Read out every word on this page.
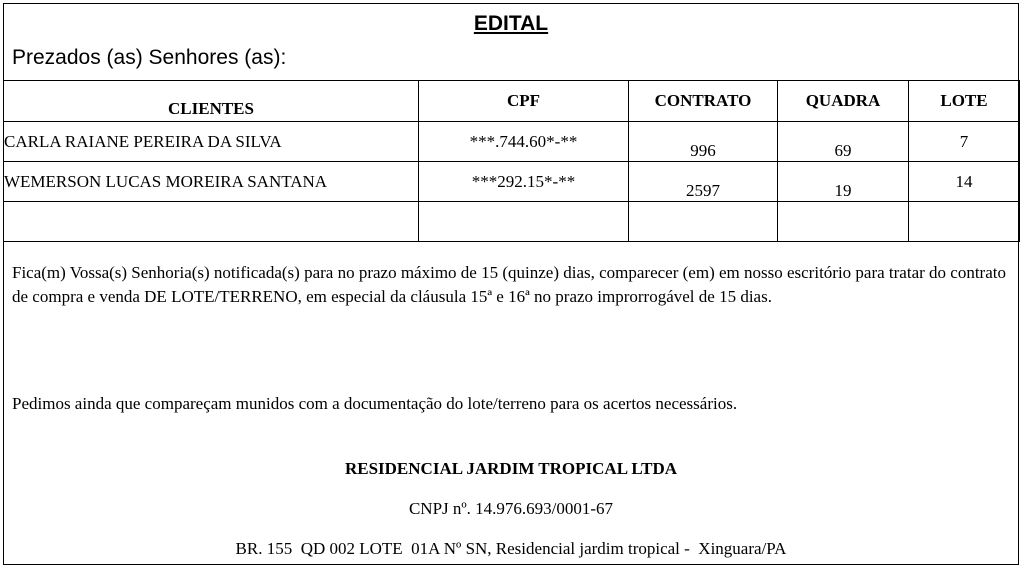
EDITAL
Prezados (as) Senhores (as):
CLIENTES	CPF	CONTRATO	QUADRA	LOTE
CARLA RAIANE PEREIRA DA SILVA	***.744.60*-**	996	69	7
WEMERSON LUCAS MOREIRA SANTANA	***292.15*-**	2597	19	14

Fica(m) Vossa(s) Senhoria(s) notificada(s) para no prazo máximo de 15 (quinze) dias, comparecer (em) em nosso escritório para tratar do contrato de compra e venda DE LOTE/TERRENO, em especial da cláusula 15ª e 16ª no prazo improrrogável de 15 dias.
Pedimos ainda que compareçam munidos com a documentação do lote/terreno para os acertos necessários.
RESIDENCIAL JARDIM TROPICAL LTDA
CNPJ nº. 14.976.693/0001-67
BR. 155  QD 002 LOTE  01A Nº SN, Residencial jardim tropical -  Xinguara/PA
